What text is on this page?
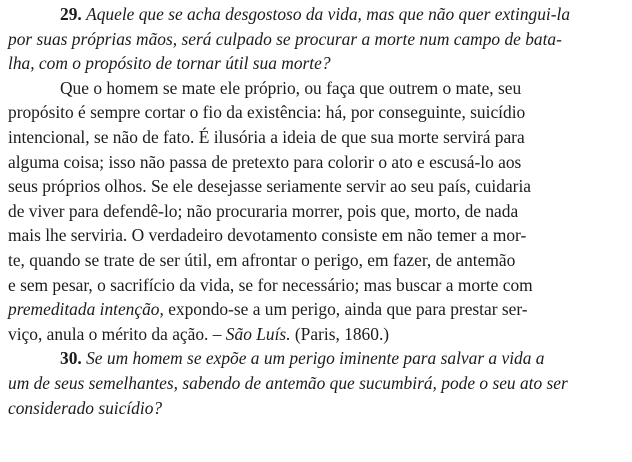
29. Aquele que se acha desgostoso da vida, mas que não quer extingui-la
por suas próprias mãos, será culpado se procurar a morte num campo de bata-
lha, com o propósito de tornar útil sua morte?
Que o homem se mate ele próprio, ou faça que outrem o mate, seu
propósito é sempre cortar o fio da existência: há, por conseguinte, suicídio
intencional, se não de fato. É ilusória a ideia de que sua morte servirá para
alguma coisa; isso não passa de pretexto para colorir o ato e escusá-lo aos
seus próprios olhos. Se ele desejasse seriamente servir ao seu país, cuidaria
de viver para defendê-lo; não procuraria morrer, pois que, morto, de nada
mais lhe serviria. O verdadeiro devotamento consiste em não temer a mor-
te, quando se trate de ser útil, em afrontar o perigo, em fazer, de antemão
e sem pesar, o sacrifício da vida, se for necessário; mas buscar a morte com
premeditada intenção, expondo-se a um perigo, ainda que para prestar ser-
viço, anula o mérito da ação. – São Luís. (Paris, 1860.)
30. Se um homem se expõe a um perigo iminente para salvar a vida a
um de seus semelhantes, sabendo de antemão que sucumbirá, pode o seu ato ser
considerado suicídio?
